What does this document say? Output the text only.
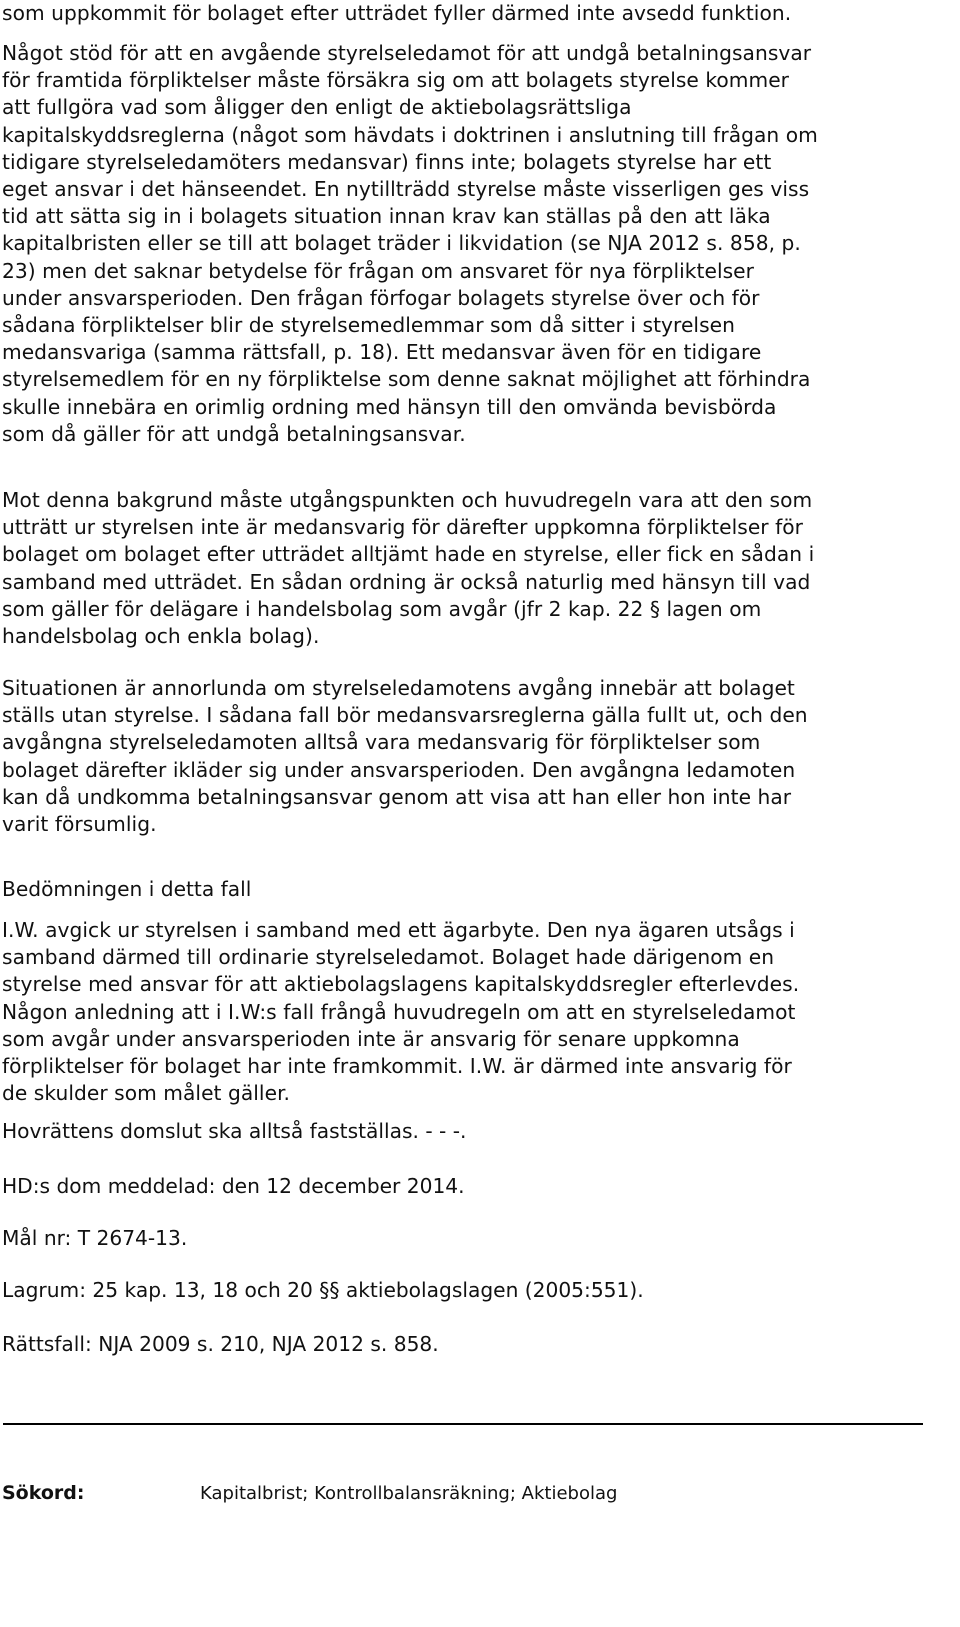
som uppkommit för bolaget efter utträdet fyller därmed inte avsedd funktion.

Något stöd för att en avgående styrelseledamot för att undgå betalningsansvar
för framtida förpliktelser måste försäkra sig om att bolagets styrelse kommer
att fullgöra vad som åligger den enligt de aktiebolagsrättsliga
kapitalskyddsreglerna (något som hävdats i doktrinen i anslutning till frågan om
tidigare styrelseledamöters medansvar) finns inte; bolagets styrelse har ett
eget ansvar i det hänseendet. En nytillträdd styrelse måste visserligen ges viss
tid att sätta sig in i bolagets situation innan krav kan ställas på den att läka
kapitalbristen eller se till att bolaget träder i likvidation (se NJA 2012 s. 858, p.
23) men det saknar betydelse för frågan om ansvaret för nya förpliktelser
under ansvarsperioden. Den frågan förfogar bolagets styrelse över och för
sådana förpliktelser blir de styrelsemedlemmar som då sitter i styrelsen
medansvariga (samma rättsfall, p. 18). Ett medansvar även för en tidigare
styrelsemedlem för en ny förpliktelse som denne saknat möjlighet att förhindra
skulle innebära en orimlig ordning med hänsyn till den omvända bevisbörda
som då gäller för att undgå betalningsansvar.

Mot denna bakgrund måste utgångspunkten och huvudregeln vara att den som
utträtt ur styrelsen inte är medansvarig för därefter uppkomna förpliktelser för
bolaget om bolaget efter utträdet alltjämt hade en styrelse, eller fick en sådan i
samband med utträdet. En sådan ordning är också naturlig med hänsyn till vad
som gäller för delägare i handelsbolag som avgår (jfr 2 kap. 22 § lagen om
handelsbolag och enkla bolag).

Situationen är annorlunda om styrelseledamotens avgång innebär att bolaget
ställs utan styrelse. I sådana fall bör medansvarsreglerna gälla fullt ut, och den
avgångna styrelseledamoten alltså vara medansvarig för förpliktelser som
bolaget därefter ikläder sig under ansvarsperioden. Den avgångna ledamoten
kan då undkomma betalningsansvar genom att visa att han eller hon inte har
varit försumlig.

Bedömningen i detta fall

I.W. avgick ur styrelsen i samband med ett ägarbyte. Den nya ägaren utsågs i
samband därmed till ordinarie styrelseledamot. Bolaget hade därigenom en
styrelse med ansvar för att aktiebolagslagens kapitalskyddsregler efterlevdes.
Någon anledning att i I.W:s fall frångå huvudregeln om att en styrelseledamot
som avgår under ansvarsperioden inte är ansvarig för senare uppkomna
förpliktelser för bolaget har inte framkommit. I.W. är därmed inte ansvarig för
de skulder som målet gäller.

Hovrättens domslut ska alltså fastställas. - - -.

HD:s dom meddelad: den 12 december 2014.

Mål nr: T 2674-13.

Lagrum: 25 kap. 13, 18 och 20 §§ aktiebolagslagen (2005:551).

Rättsfall: NJA 2009 s. 210, NJA 2012 s. 858.

Sökord:	Kapitalbrist; Kontrollbalansräkning; Aktiebolag
